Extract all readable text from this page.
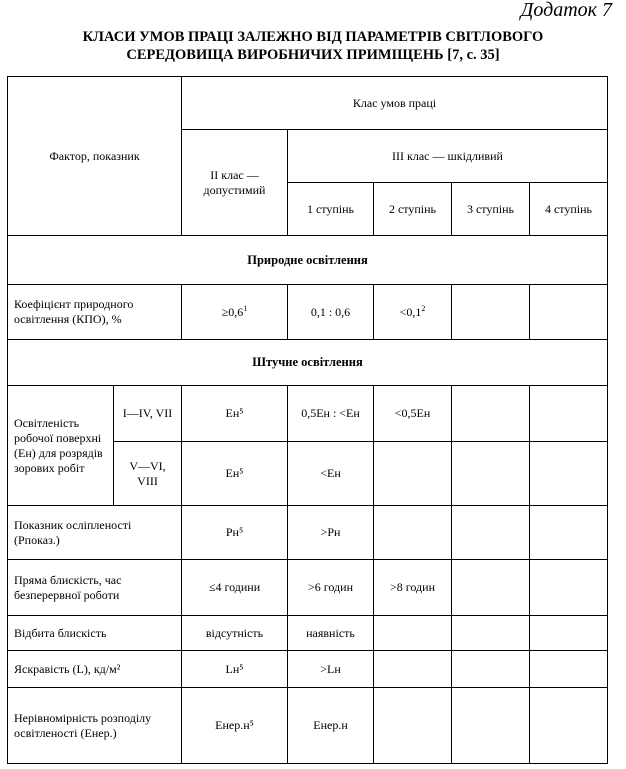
Додаток 7
КЛАСИ УМОВ ПРАЦІ ЗАЛЕЖНО ВІД ПАРАМЕТРІВ СВІТЛОВОГО
СЕРЕДОВИЩА ВИРОБНИЧИХ ПРИМІЩЕНЬ [7, с. 35]
Фактор, показник		Клас умов праці				
		II клас — допустимий	III клас — шкідливий			
			1 ступінь	2 ступінь	3 ступінь	4 ступінь
Природне освітлення						
Коефіцієнт природного освітлення (КПО), %		$\ge 0,6^1$	0,1 : 0,6	$<0,1^2$		
Штучне освітлення						
Освітленість робочої поверхні (Eн) для розрядів зорових робіт	I—IV, VII	Eн⁵	0,5Eн : <Eн	<0,5Eн		
	V—VI, VIII	Eн⁵	<Eн			
Показник осліпленості (Рпоказ.)		Рн⁵	>Рн			
Пряма блискість, час безперервної роботи		≤4 години	>6 годин	>8 годин		
Відбита блискість		відсутність	наявність			
Яскравість (L), кд/м²		Lн⁵	>Lн			
Нерівномірність розподілу освітленості (Eнер.)		Eнер.н⁵	Eнер.н			
